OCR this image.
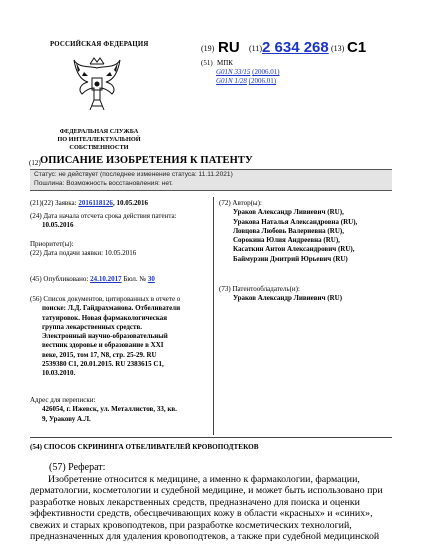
РОССИЙСКАЯ ФЕДЕРАЦИЯ
ФЕДЕРАЛЬНАЯ СЛУЖБА
ПО ИНТЕЛЛЕКТУАЛЬНОЙ СОБСТВЕННОСТИ
(19) RU (11) 2 634 268 (13) C1
(51) МПК
G01N 33/15 (2006.01)
G01N 1/28 (2006.01)
(12) ОПИСАНИЕ ИЗОБРЕТЕНИЯ К ПАТЕНТУ
Статус: не действует (последнее изменение статуса: 11.11.2021)
Пошлина: Возможность восстановления: нет.
(21)(22) Заявка: 2016118126, 10.05.2016
(24) Дата начала отсчета срока действия патента:
10.05.2016
Приоритет(ы):
(22) Дата подачи заявки: 10.05.2016
(45) Опубликовано: 24.10.2017 Бюл. № 30
(56) Список документов, цитированных в отчете о
поиске: Л.Д. Гайдрахманова. Отбеливатели
татуировок. Новая фармакологическая
группа лекарственных средств.
Электронный научно-образовательный
вестник здоровье и образование в XXI
веке, 2015, том 17, N8, стр. 25-29. RU
2539380 C1, 20.01.2015. RU 2383615 C1,
10.03.2010.
Адрес для переписки:
426054, г. Ижевск, ул. Металлистов, 33, кв.
9, Уракову А.Л.
(72) Автор(ы):
Ураков Александр Ливиевич (RU),
Уракова Наталья Александровна (RU),
Ловцова Любовь Валериевна (RU),
Сорокина Юлия Андреевна (RU),
Касаткин Антон Александрович (RU),
Баймурзин Дмитрий Юрьевич (RU)
(73) Патентообладатель(и):
Ураков Александр Ливиевич (RU)
(54) СПОСОБ СКРИНИНГА ОТБЕЛИВАТЕЛЕЙ КРОВОПОДТЕКОВ
(57) Реферат:
Изобретение относится к медицине, а именно к фармакологии, фармации,
дерматологии, косметологии и судебной медицине, и может быть использовано при
разработке новых лекарственных средств, предназначено для поиска и оценки
эффективности средств, обесцвечивающих кожу в области «красных» и «синих»,
свежих и старых кровоподтеков, при разработке косметических технологий,
предназначенных для удаления кровоподтеков, а также при судебной медицинской
